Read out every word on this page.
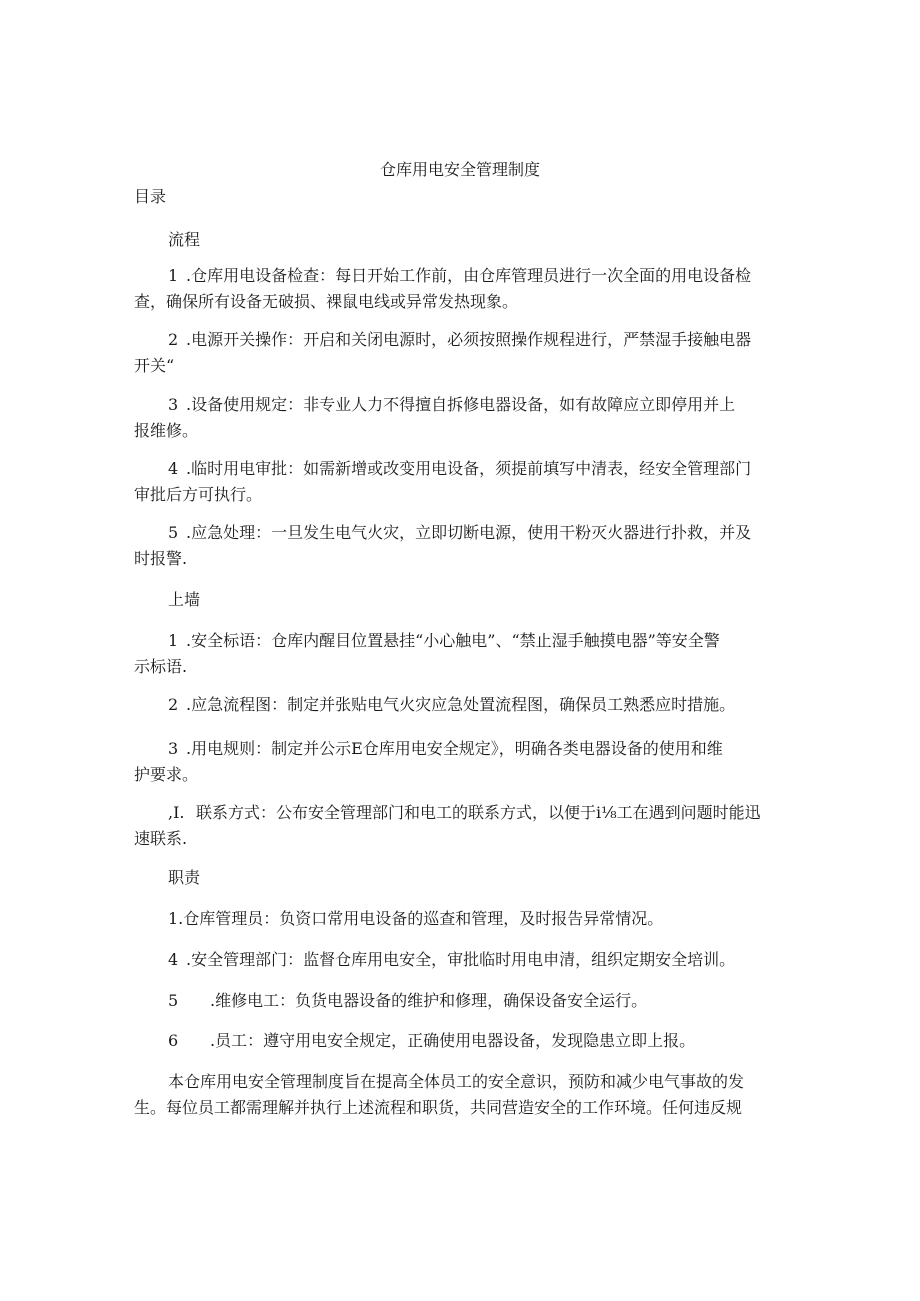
仓库用电安全管理制度
目录
流程
1 .仓库用电设备检查：每日开始工作前，由仓库管理员进行一次全面的用电设备检
查，确保所有设备无破损、裸鼠电线或异常发热现象。
2 .电源开关操作：开启和关闭电源时，必须按照操作规程进行，严禁湿手接触电器
开关“
3 .设备使用规定：非专业人力不得擅自拆修电器设备，如有故障应立即停用并上
报维修。
4 .临时用电审批：如需新增或改变用电设备，须提前填写中清表，经安全管理部门
审批后方可执行。
5 .应急处理：一旦发生电气火灾，立即切断电源，使用干粉灭火器进行扑救，并及
时报警.
上墙
1 .安全标语：仓库内醒目位置悬挂“小心触电”、“禁止湿手触摸电器”等安全警
示标语.
2 .应急流程图：制定并张贴电气火灾应急处置流程图，确保员工熟悉应时措施。
3 .用电规则：制定并公示E仓库用电安全规定》，明确各类电器设备的使用和维
护要求。
,I. 联系方式：公布安全管理部门和电工的联系方式，以便于i⅛工在遇到问题时能迅
速联系.
职责
1.仓库管理员：负资口常用电设备的巡查和管理，及时报告异常情况。
4 .安全管理部门：监督仓库用电安全，审批临时用电申清，组织定期安全培训。
5 .维修电工：负货电器设备的维护和修理，确保设备安全运行。
6 .员工：遵守用电安全规定，正确使用电器设备，发现隐患立即上报。
本仓库用电安全管理制度旨在提高全体员工的安全意识，预防和减少电气事故的发
生。每位员工都需理解并执行上述流程和职货，共同营造安全的工作环境。任何违反规
